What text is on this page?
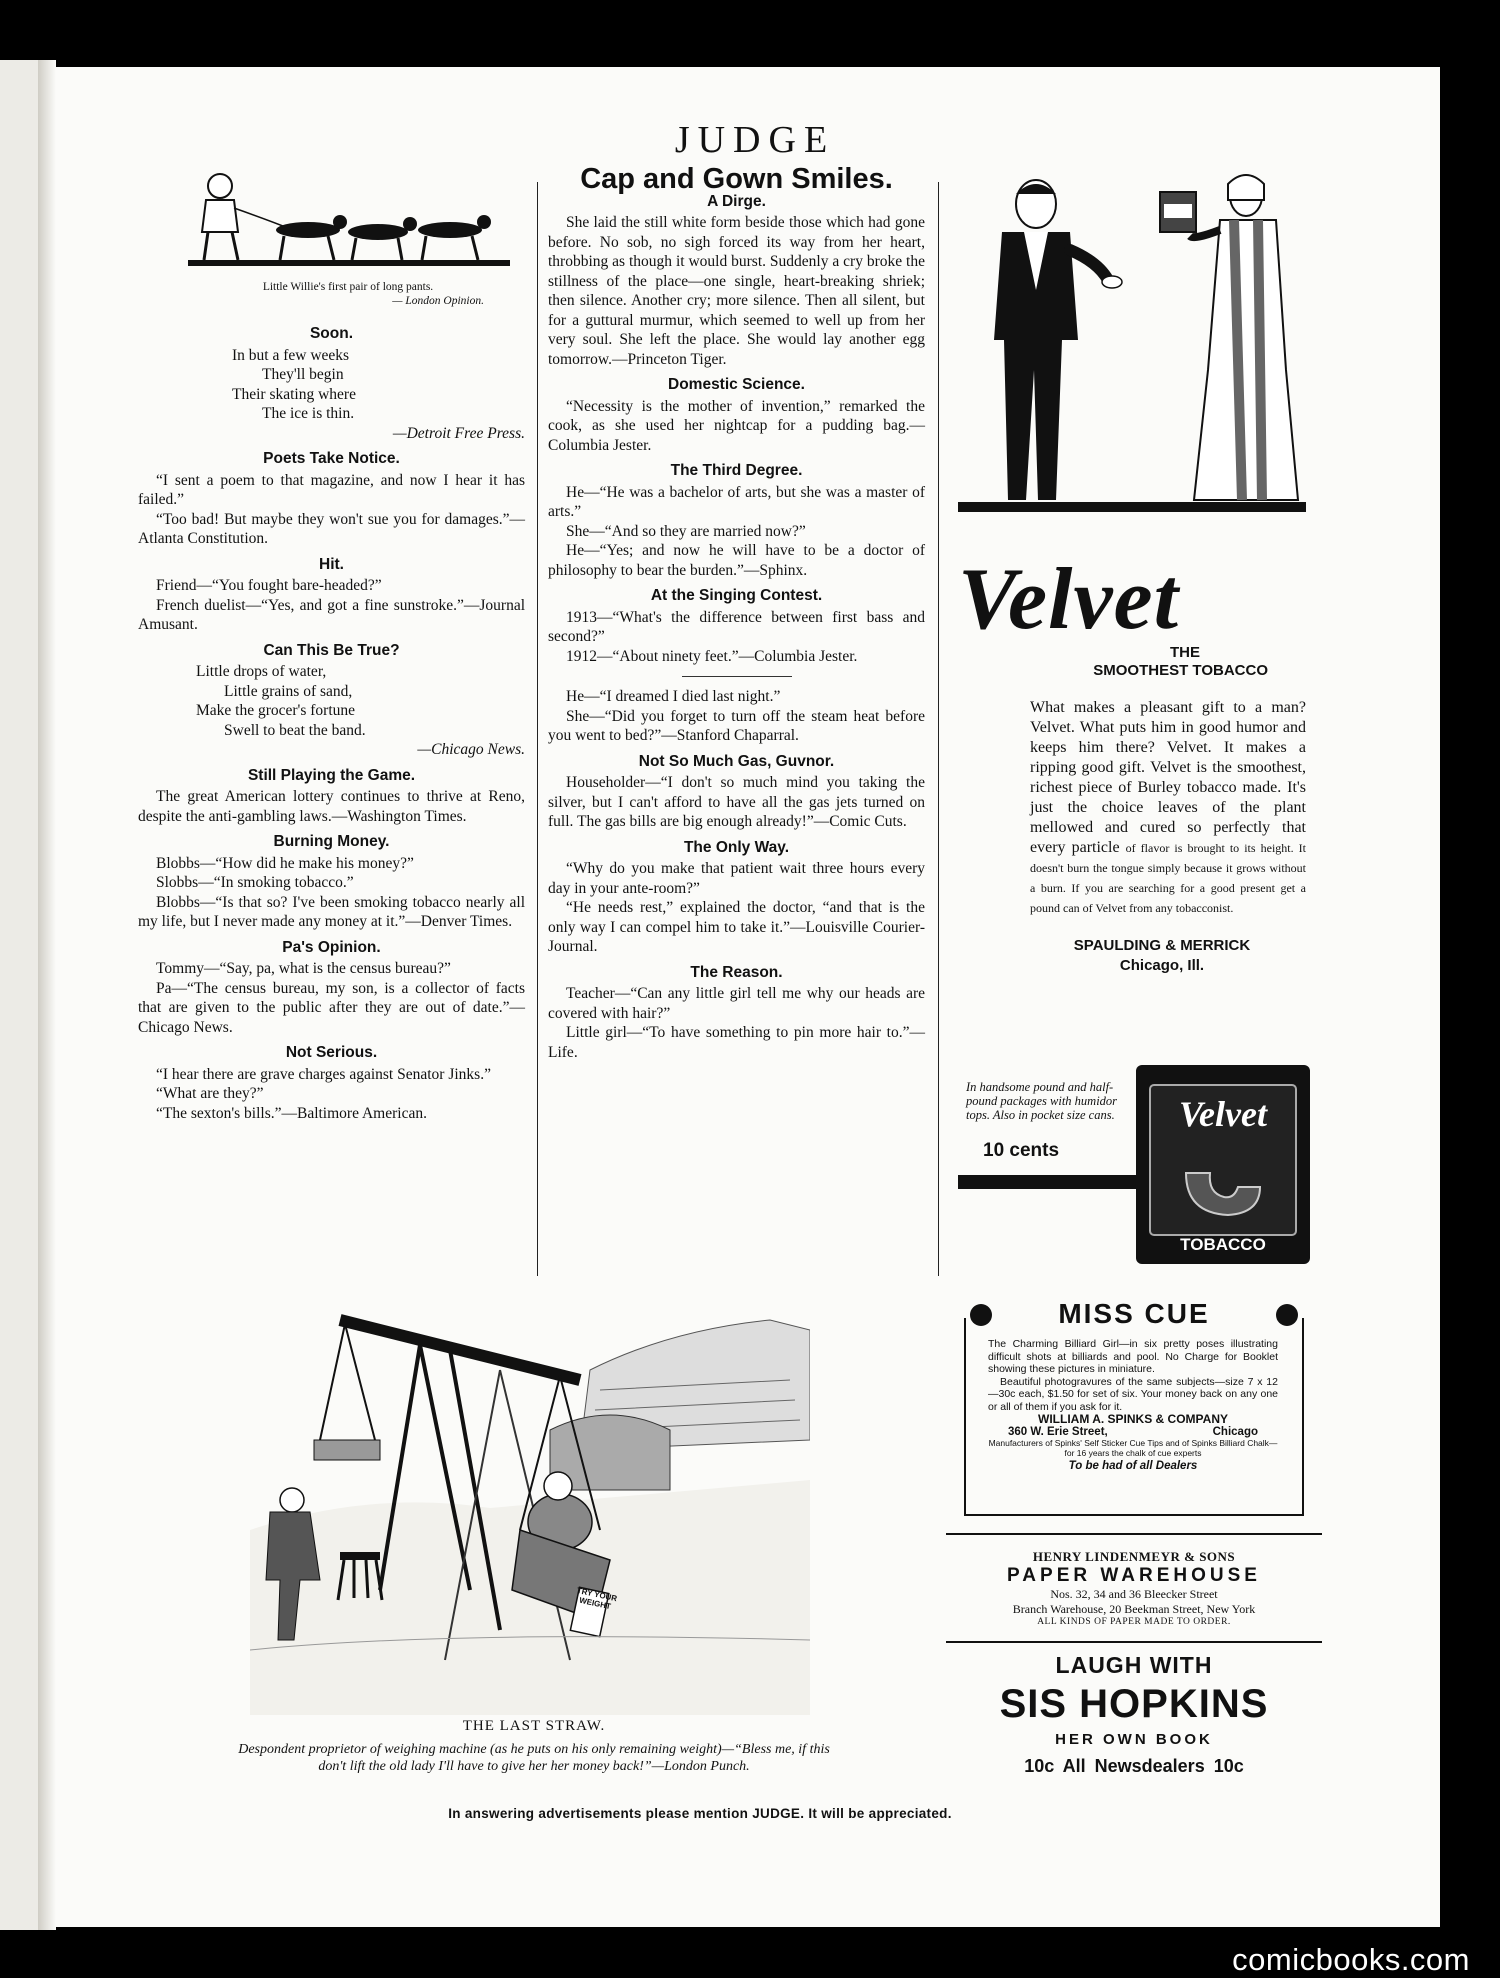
JUDGE
Little Willie's first pair of long pants.
— London Opinion.
Soon.
In but a few weeks
They'll begin
Their skating where
The ice is thin.
—Detroit Free Press.
Poets Take Notice.

“I sent a poem to that magazine, and now I hear it has failed.”

“Too bad! But maybe they won't sue you for damages.”—Atlanta Constitution.

Hit.

Friend—“You fought bare-headed?”

French duelist—“Yes, and got a fine sunstroke.”—Journal Amusant.

Can This Be True?
Little drops of water,
Little grains of sand,
Make the grocer's fortune
Swell to beat the band.
—Chicago News.
Still Playing the Game.

The great American lottery continues to thrive at Reno, despite the anti-gambling laws.—Washington Times.

Burning Money.

Blobbs—“How did he make his money?”

Slobbs—“In smoking tobacco.”

Blobbs—“Is that so? I've been smoking tobacco nearly all my life, but I never made any money at it.”—Denver Times.

Pa's Opinion.

Tommy—“Say, pa, what is the census bureau?”

Pa—“The census bureau, my son, is a collector of facts that are given to the public after they are out of date.”—Chicago News.

Not Serious.

“I hear there are grave charges against Senator Jinks.”

“What are they?”

“The sexton's bills.”—Baltimore American.

Cap and Gown Smiles.
A Dirge.

She laid the still white form beside those which had gone before. No sob, no sigh forced its way from her heart, throbbing as though it would burst. Suddenly a cry broke the stillness of the place—one single, heart-breaking shriek; then silence. Another cry; more silence. Then all silent, but for a guttural murmur, which seemed to well up from her very soul. She left the place. She would lay another egg tomorrow.—Princeton Tiger.

Domestic Science.

“Necessity is the mother of invention,” remarked the cook, as she used her nightcap for a pudding bag.—Columbia Jester.

The Third Degree.

He—“He was a bachelor of arts, but she was a master of arts.”

She—“And so they are married now?”

He—“Yes; and now he will have to be a doctor of philosophy to bear the burden.”—Sphinx.

At the Singing Contest.

1913—“What's the difference between first bass and second?”

1912—“About ninety feet.”—Columbia Jester.

He—“I dreamed I died last night.”

She—“Did you forget to turn off the steam heat before you went to bed?”—Stanford Chaparral.

Not So Much Gas, Guvnor.

Householder—“I don't so much mind you taking the silver, but I can't afford to have all the gas jets turned on full. The gas bills are big enough already!”—Comic Cuts.

The Only Way.

“Why do you make that patient wait three hours every day in your ante-room?”

“He needs rest,” explained the doctor, “and that is the only way I can compel him to take it.”—Louisville Courier-Journal.

The Reason.

Teacher—“Can any little girl tell me why our heads are covered with hair?”

Little girl—“To have something to pin more hair to.”—Life.

Velvet
THE
SMOOTHEST TOBACCO
What makes a pleasant gift to a man? Velvet. What puts him in good humor and keeps him there? Velvet. It makes a ripping good gift. Velvet is the smoothest, richest piece of Burley tobacco made. It's just the choice leaves of the plant mellowed and cured so perfectly that every particle of flavor is brought to its height. It doesn't burn the tongue simply because it grows without a burn. If you are searching for a good present get a pound can of Velvet from any tobacconist.
SPAULDING & MERRICK
Chicago, Ill.
In handsome pound and half-pound packages with humidor tops. Also in pocket size cans.
10 cents
Velvet
TOBACCO
MISS CUE
The Charming Billiard Girl—in six pretty poses illustrating difficult shots at billiards and pool. No Charge for Booklet showing these pictures in miniature.
Beautiful photogravures of the same subjects—size 7 x 12—30c each, $1.50 for set of six. Your money back on any one or all of them if you ask for it.
WILLIAM A. SPINKS & COMPANY
360 W. Erie Street,	Chicago
Manufacturers of Spinks' Self Sticker Cue Tips and of Spinks Billiard Chalk—for 16 years the chalk of cue experts
To be had of all Dealers
HENRY LINDENMEYR & SONS
PAPER WAREHOUSE
Nos. 32, 34 and 36 Bleecker Street
Branch Warehouse, 20 Beekman Street, New York
ALL KINDS OF PAPER MADE TO ORDER.
LAUGH WITH
SIS HOPKINS
HER OWN BOOK
10c All Newsdealers 10c
TRY YOUR WEIGHT
THE LAST STRAW.
Despondent proprietor of weighing machine (as he puts on his only remaining weight)—“Bless me, if this don't lift the old lady I'll have to give her her money back!”—London Punch.
In answering advertisements please mention JUDGE. It will be appreciated.
comicbooks.com
